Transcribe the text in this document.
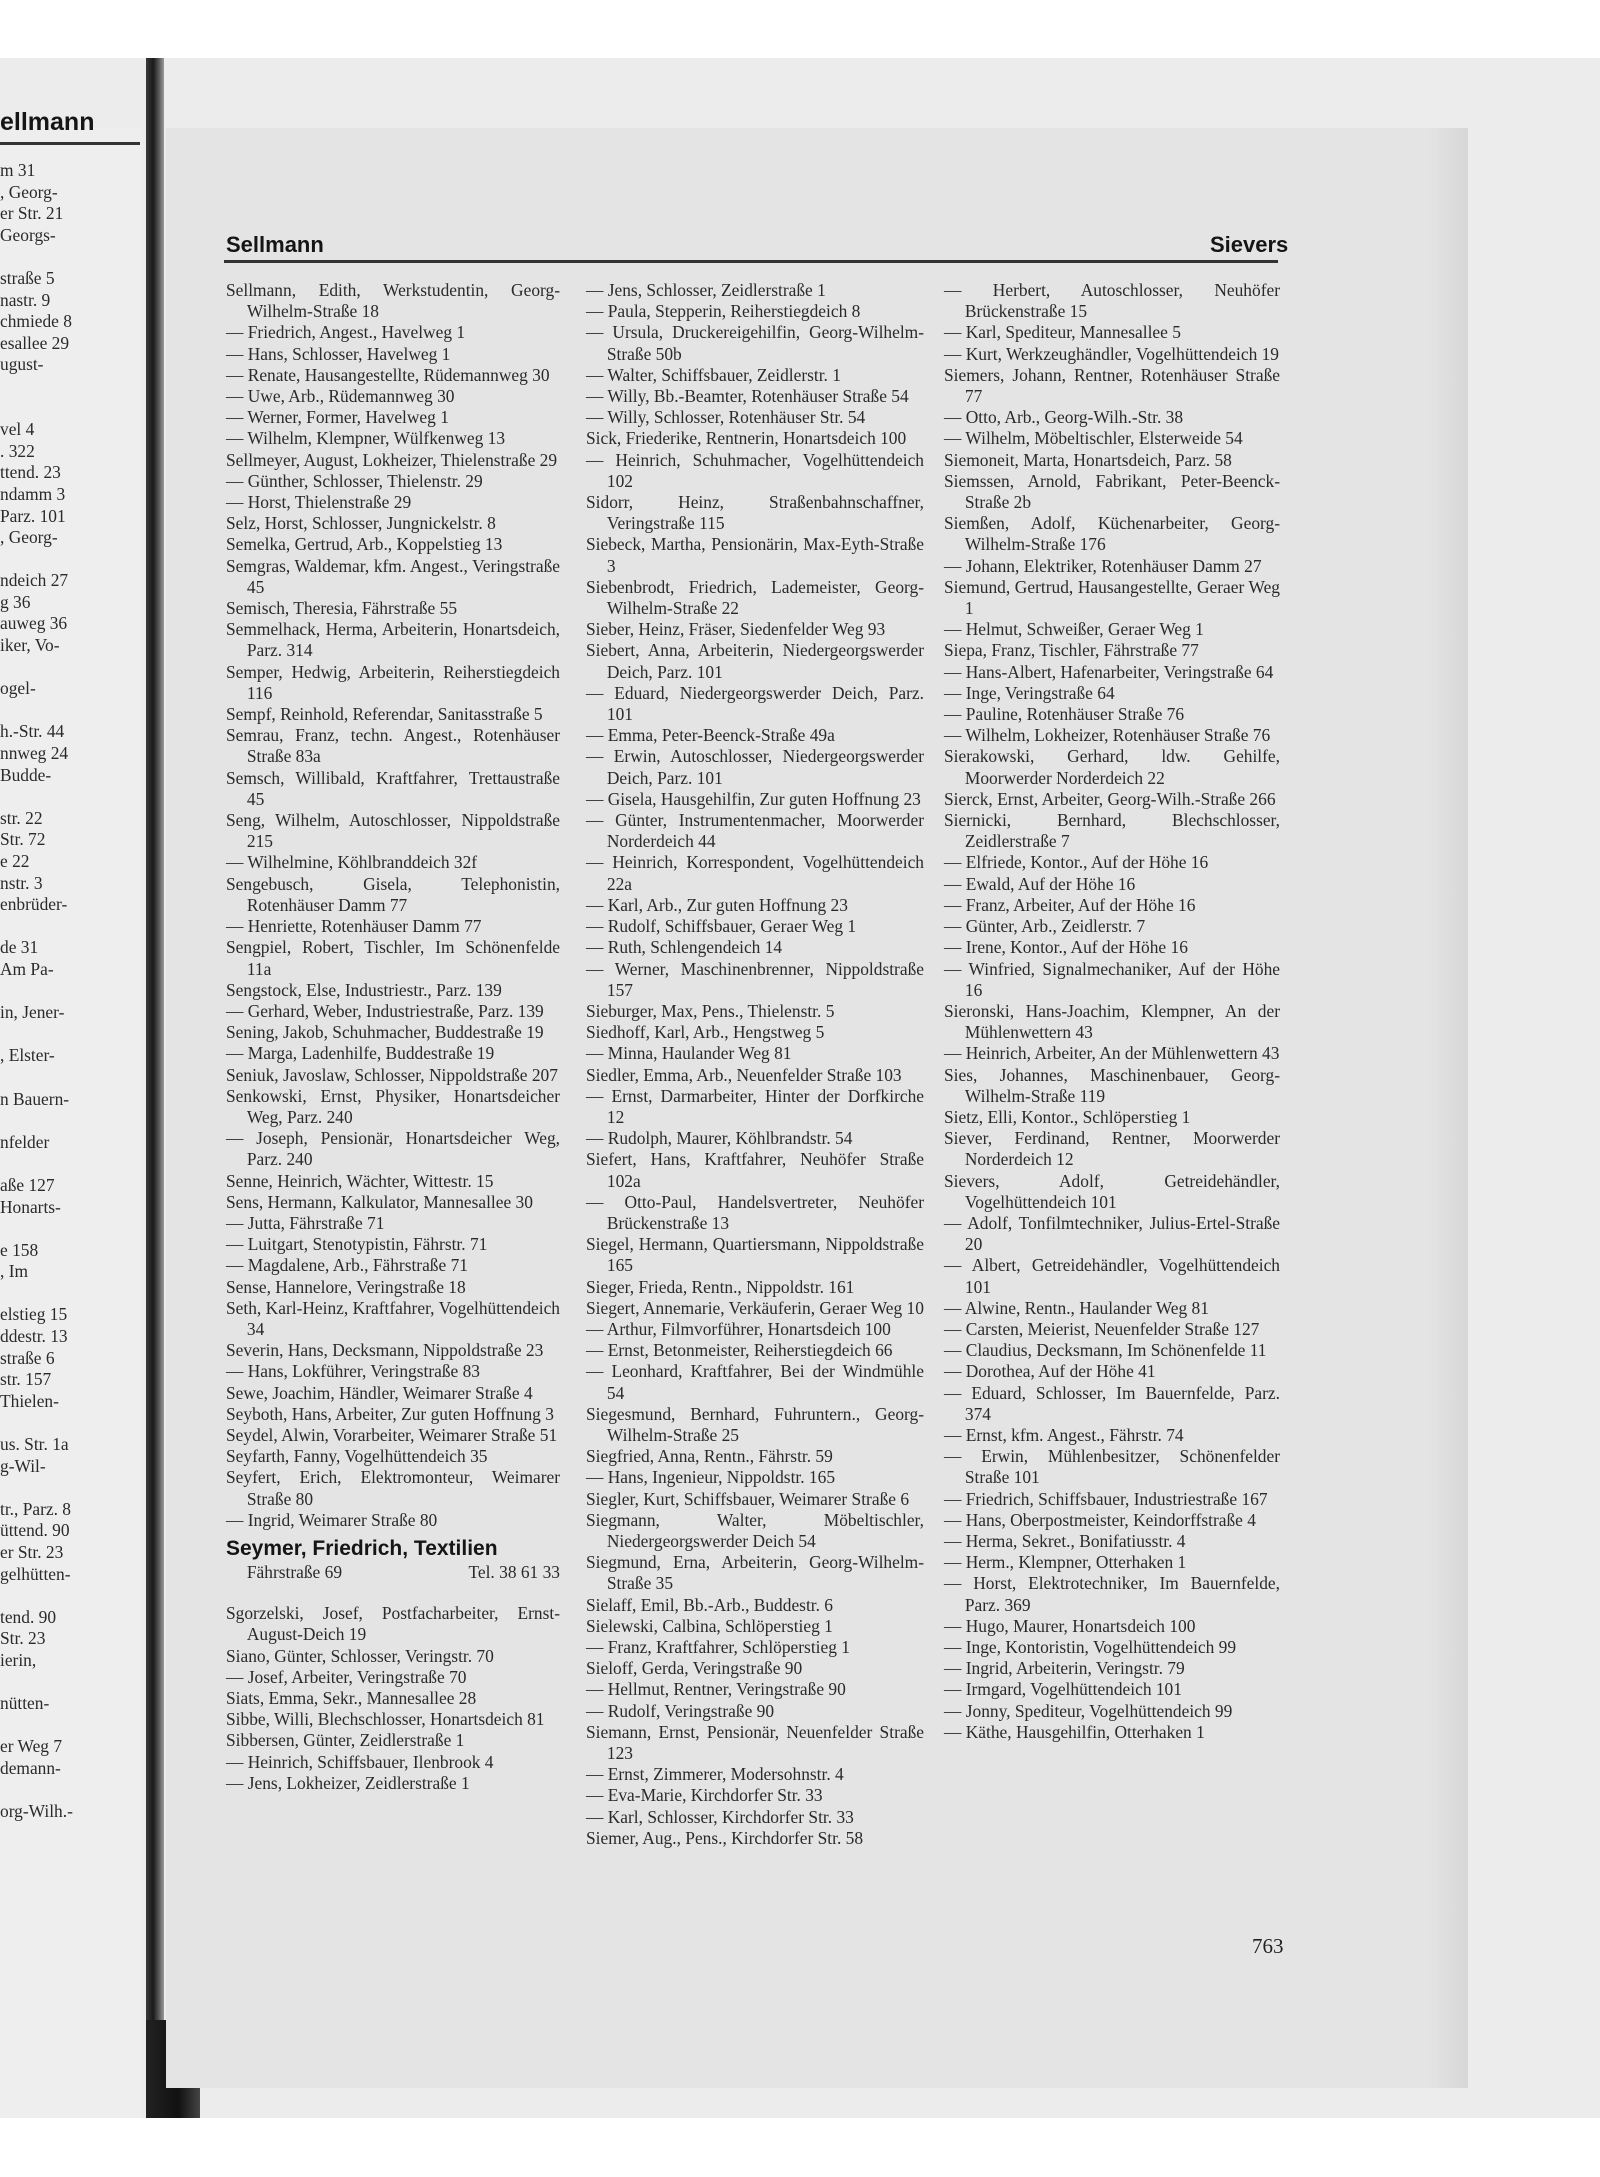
ellmann
m 31
, Georg-
er Str. 21
Georgs-

straße 5
nastr. 9
chmiede 8
esallee 29
ugust-

vel 4
. 322
ttend. 23
ndamm 3
Parz. 101
, Georg-

ndeich 27
g 36
auweg 36
iker, Vo-

ogel-

h.-Str. 44
nnweg 24
Budde-

str. 22
Str. 72
e 22
nstr. 3
enbrüder-

de 31
Am Pa-

in, Jener-

, Elster-

n Bauern-

nfelder

aße 127
Honarts-

e 158
, Im

elstieg 15
ddestr. 13
straße 6
str. 157
Thielen-

us. Str. 1a
g-Wil-

tr., Parz. 8
üttend. 90
er Str. 23
gelhütten-

tend. 90
Str. 23
ierin,

nütten-

er Weg 7
demann-

org-Wilh.-
Sellmann	Sievers

Sellmann, Edith, Werkstudentin, Georg-Wilhelm-Straße 18

— Friedrich, Angest., Havelweg 1

— Hans, Schlosser, Havelweg 1

— Renate, Hausangestellte, Rüdemannweg 30

— Uwe, Arb., Rüdemannweg 30

— Werner, Former, Havelweg 1

— Wilhelm, Klempner, Wülfkenweg 13

Sellmeyer, August, Lokheizer, Thielenstraße 29

— Günther, Schlosser, Thielenstr. 29

— Horst, Thielenstraße 29

Selz, Horst, Schlosser, Jungnickelstr. 8

Semelka, Gertrud, Arb., Koppelstieg 13

Semgras, Waldemar, kfm. Angest., Veringstraße 45

Semisch, Theresia, Fährstraße 55

Semmelhack, Herma, Arbeiterin, Honartsdeich, Parz. 314

Semper, Hedwig, Arbeiterin, Reiherstiegdeich 116

Sempf, Reinhold, Referendar, Sanitasstraße 5

Semrau, Franz, techn. Angest., Rotenhäuser Straße 83a

Semsch, Willibald, Kraftfahrer, Trettaustraße 45

Seng, Wilhelm, Autoschlosser, Nippoldstraße 215

— Wilhelmine, Köhlbranddeich 32f

Sengebusch, Gisela, Telephonistin, Rotenhäuser Damm 77

— Henriette, Rotenhäuser Damm 77

Sengpiel, Robert, Tischler, Im Schönenfelde 11a

Sengstock, Else, Industriestr., Parz. 139

— Gerhard, Weber, Industriestraße, Parz. 139

Sening, Jakob, Schuhmacher, Buddestraße 19

— Marga, Ladenhilfe, Buddestraße 19

Seniuk, Javoslaw, Schlosser, Nippoldstraße 207

Senkowski, Ernst, Physiker, Honartsdeicher Weg, Parz. 240

— Joseph, Pensionär, Honartsdeicher Weg, Parz. 240

Senne, Heinrich, Wächter, Wittestr. 15

Sens, Hermann, Kalkulator, Mannesallee 30

— Jutta, Fährstraße 71

— Luitgart, Stenotypistin, Fährstr. 71

— Magdalene, Arb., Fährstraße 71

Sense, Hannelore, Veringstraße 18

Seth, Karl-Heinz, Kraftfahrer, Vogelhüttendeich 34

Severin, Hans, Decksmann, Nippoldstraße 23

— Hans, Lokführer, Veringstraße 83

Sewe, Joachim, Händler, Weimarer Straße 4

Seyboth, Hans, Arbeiter, Zur guten Hoffnung 3

Seydel, Alwin, Vorarbeiter, Weimarer Straße 51

Seyfarth, Fanny, Vogelhüttendeich 35

Seyfert, Erich, Elektromonteur, Weimarer Straße 80

— Ingrid, Weimarer Straße 80

Seymer, Friedrich, Textilien
Fährstraße 69	Tel. 38 61 33

Sgorzelski, Josef, Postfacharbeiter, Ernst-August-Deich 19

Siano, Günter, Schlosser, Veringstr. 70

— Josef, Arbeiter, Veringstraße 70

Siats, Emma, Sekr., Mannesallee 28

Sibbe, Willi, Blechschlosser, Honartsdeich 81

Sibbersen, Günter, Zeidlerstraße 1

— Heinrich, Schiffsbauer, Ilenbrook 4

— Jens, Lokheizer, Zeidlerstraße 1

— Jens, Schlosser, Zeidlerstraße 1

— Paula, Stepperin, Reiherstiegdeich 8

— Ursula, Druckereigehilfin, Georg-Wilhelm-Straße 50b

— Walter, Schiffsbauer, Zeidlerstr. 1

— Willy, Bb.-Beamter, Rotenhäuser Straße 54

— Willy, Schlosser, Rotenhäuser Str. 54

Sick, Friederike, Rentnerin, Honartsdeich 100

— Heinrich, Schuhmacher, Vogelhüttendeich 102

Sidorr, Heinz, Straßenbahnschaffner, Veringstraße 115

Siebeck, Martha, Pensionärin, Max-Eyth-Straße 3

Siebenbrodt, Friedrich, Lademeister, Georg-Wilhelm-Straße 22

Sieber, Heinz, Fräser, Siedenfelder Weg 93

Siebert, Anna, Arbeiterin, Niedergeorgswerder Deich, Parz. 101

— Eduard, Niedergeorgswerder Deich, Parz. 101

— Emma, Peter-Beenck-Straße 49a

— Erwin, Autoschlosser, Niedergeorgswerder Deich, Parz. 101

— Gisela, Hausgehilfin, Zur guten Hoffnung 23

— Günter, Instrumentenmacher, Moorwerder Norderdeich 44

— Heinrich, Korrespondent, Vogelhüttendeich 22a

— Karl, Arb., Zur guten Hoffnung 23

— Rudolf, Schiffsbauer, Geraer Weg 1

— Ruth, Schlengendeich 14

— Werner, Maschinenbrenner, Nippoldstraße 157

Sieburger, Max, Pens., Thielenstr. 5

Siedhoff, Karl, Arb., Hengstweg 5

— Minna, Haulander Weg 81

Siedler, Emma, Arb., Neuenfelder Straße 103

— Ernst, Darmarbeiter, Hinter der Dorfkirche 12

— Rudolph, Maurer, Köhlbrandstr. 54

Siefert, Hans, Kraftfahrer, Neuhöfer Straße 102a

— Otto-Paul, Handelsvertreter, Neuhöfer Brückenstraße 13

Siegel, Hermann, Quartiersmann, Nippoldstraße 165

Sieger, Frieda, Rentn., Nippoldstr. 161

Siegert, Annemarie, Verkäuferin, Geraer Weg 10

— Arthur, Filmvorführer, Honartsdeich 100

— Ernst, Betonmeister, Reiherstiegdeich 66

— Leonhard, Kraftfahrer, Bei der Windmühle 54

Siegesmund, Bernhard, Fuhruntern., Georg-Wilhelm-Straße 25

Siegfried, Anna, Rentn., Fährstr. 59

— Hans, Ingenieur, Nippoldstr. 165

Siegler, Kurt, Schiffsbauer, Weimarer Straße 6

Siegmann, Walter, Möbeltischler, Niedergeorgswerder Deich 54

Siegmund, Erna, Arbeiterin, Georg-Wilhelm-Straße 35

Sielaff, Emil, Bb.-Arb., Buddestr. 6

Sielewski, Calbina, Schlöperstieg 1

— Franz, Kraftfahrer, Schlöperstieg 1

Sieloff, Gerda, Veringstraße 90

— Hellmut, Rentner, Veringstraße 90

— Rudolf, Veringstraße 90

Siemann, Ernst, Pensionär, Neuenfelder Straße 123

— Ernst, Zimmerer, Modersohnstr. 4

— Eva-Marie, Kirchdorfer Str. 33

— Karl, Schlosser, Kirchdorfer Str. 33

Siemer, Aug., Pens., Kirchdorfer Str. 58

— Herbert, Autoschlosser, Neuhöfer Brückenstraße 15

— Karl, Spediteur, Mannesallee 5

— Kurt, Werkzeughändler, Vogelhüttendeich 19

Siemers, Johann, Rentner, Rotenhäuser Straße 77

— Otto, Arb., Georg-Wilh.-Str. 38

— Wilhelm, Möbeltischler, Elsterweide 54

Siemoneit, Marta, Honartsdeich, Parz. 58

Siemssen, Arnold, Fabrikant, Peter-Beenck-Straße 2b

Siemßen, Adolf, Küchenarbeiter, Georg-Wilhelm-Straße 176

— Johann, Elektriker, Rotenhäuser Damm 27

Siemund, Gertrud, Hausangestellte, Geraer Weg 1

— Helmut, Schweißer, Geraer Weg 1

Siepa, Franz, Tischler, Fährstraße 77

— Hans-Albert, Hafenarbeiter, Veringstraße 64

— Inge, Veringstraße 64

— Pauline, Rotenhäuser Straße 76

— Wilhelm, Lokheizer, Rotenhäuser Straße 76

Sierakowski, Gerhard, ldw. Gehilfe, Moorwerder Norderdeich 22

Sierck, Ernst, Arbeiter, Georg-Wilh.-Straße 266

Siernicki, Bernhard, Blechschlosser, Zeidlerstraße 7

— Elfriede, Kontor., Auf der Höhe 16

— Ewald, Auf der Höhe 16

— Franz, Arbeiter, Auf der Höhe 16

— Günter, Arb., Zeidlerstr. 7

— Irene, Kontor., Auf der Höhe 16

— Winfried, Signalmechaniker, Auf der Höhe 16

Sieronski, Hans-Joachim, Klempner, An der Mühlenwettern 43

— Heinrich, Arbeiter, An der Mühlenwettern 43

Sies, Johannes, Maschinenbauer, Georg-Wilhelm-Straße 119

Sietz, Elli, Kontor., Schlöperstieg 1

Siever, Ferdinand, Rentner, Moorwerder Norderdeich 12

Sievers, Adolf, Getreidehändler, Vogelhüttendeich 101

— Adolf, Tonfilmtechniker, Julius-Ertel-Straße 20

— Albert, Getreidehändler, Vogelhüttendeich 101

— Alwine, Rentn., Haulander Weg 81

— Carsten, Meierist, Neuenfelder Straße 127

— Claudius, Decksmann, Im Schönenfelde 11

— Dorothea, Auf der Höhe 41

— Eduard, Schlosser, Im Bauernfelde, Parz. 374

— Ernst, kfm. Angest., Fährstr. 74

— Erwin, Mühlenbesitzer, Schönenfelder Straße 101

— Friedrich, Schiffsbauer, Industriestraße 167

— Hans, Oberpostmeister, Keindorffstraße 4

— Herma, Sekret., Bonifatiusstr. 4

— Herm., Klempner, Otterhaken 1

— Horst, Elektrotechniker, Im Bauernfelde, Parz. 369

— Hugo, Maurer, Honartsdeich 100

— Inge, Kontoristin, Vogelhüttendeich 99

— Ingrid, Arbeiterin, Veringstr. 79

— Irmgard, Vogelhüttendeich 101

— Jonny, Spediteur, Vogelhüttendeich 99

— Käthe, Hausgehilfin, Otterhaken 1

763
